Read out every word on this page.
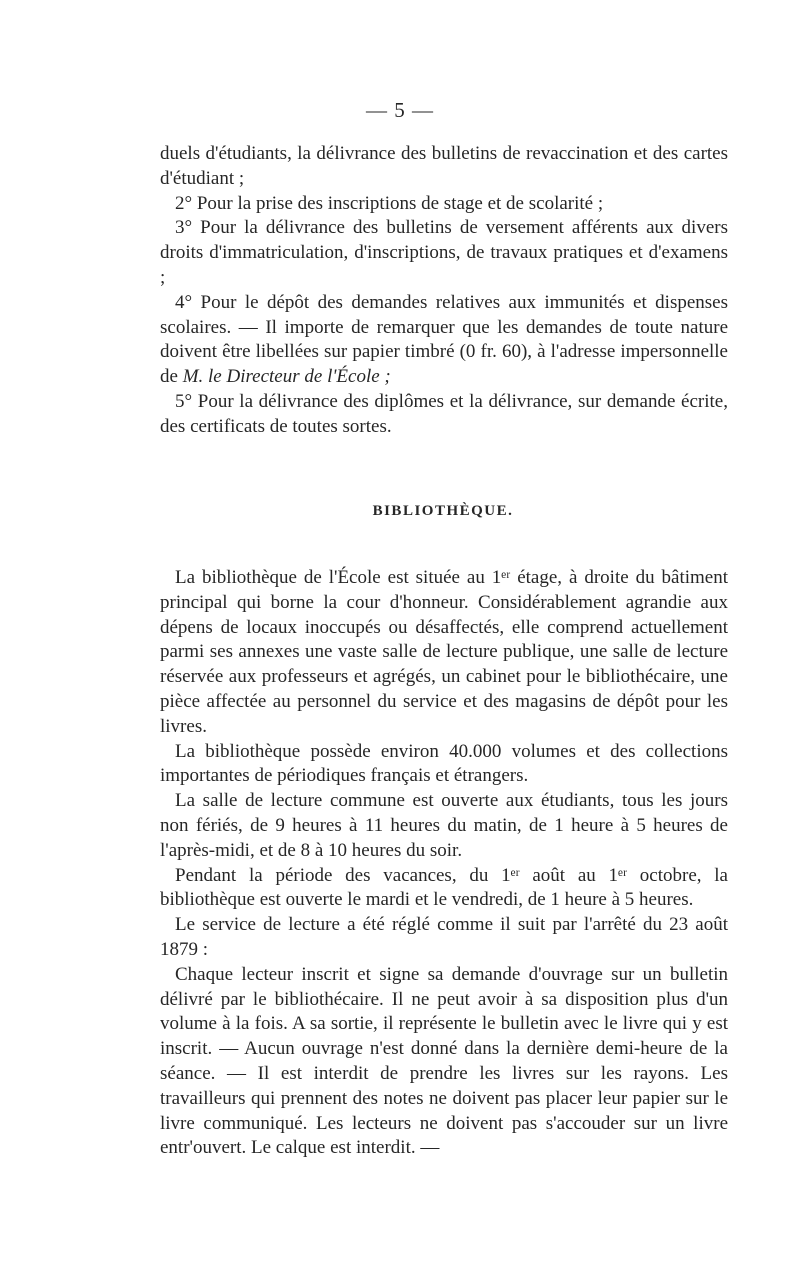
— 5 —

duels d'étudiants, la délivrance des bulletins de revaccination et des cartes d'étudiant ;

2° Pour la prise des inscriptions de stage et de scolarité ;

3° Pour la délivrance des bulletins de versement afférents aux divers droits d'immatriculation, d'inscriptions, de travaux pratiques et d'examens ;

4° Pour le dépôt des demandes relatives aux immunités et dispenses scolaires. — Il importe de remarquer que les demandes de toute nature doivent être libellées sur papier timbré (0 fr. 60), à l'adresse impersonnelle de M. le Directeur de l'École ;

5° Pour la délivrance des diplômes et la délivrance, sur demande écrite, des certificats de toutes sortes.

BIBLIOTHÈQUE.

La bibliothèque de l'École est située au 1ᵉʳ étage, à droite du bâtiment principal qui borne la cour d'honneur. Considérablement agrandie aux dépens de locaux inoccupés ou désaffectés, elle comprend actuellement parmi ses annexes une vaste salle de lecture publique, une salle de lecture réservée aux professeurs et agrégés, un cabinet pour le bibliothécaire, une pièce affectée au personnel du service et des magasins de dépôt pour les livres.

La bibliothèque possède environ 40.000 volumes et des collections importantes de périodiques français et étrangers.

La salle de lecture commune est ouverte aux étudiants, tous les jours non fériés, de 9 heures à 11 heures du matin, de 1 heure à 5 heures de l'après-midi, et de 8 à 10 heures du soir.

Pendant la période des vacances, du 1ᵉʳ août au 1ᵉʳ octobre, la bibliothèque est ouverte le mardi et le vendredi, de 1 heure à 5 heures.

Le service de lecture a été réglé comme il suit par l'arrêté du 23 août 1879 :

Chaque lecteur inscrit et signe sa demande d'ouvrage sur un bulletin délivré par le bibliothécaire. Il ne peut avoir à sa disposition plus d'un volume à la fois. A sa sortie, il représente le bulletin avec le livre qui y est inscrit. — Aucun ouvrage n'est donné dans la dernière demi-heure de la séance. — Il est interdit de prendre les livres sur les rayons. Les travailleurs qui prennent des notes ne doivent pas placer leur papier sur le livre communiqué. Les lecteurs ne doivent pas s'accouder sur un livre entr'ouvert. Le calque est interdit. —
